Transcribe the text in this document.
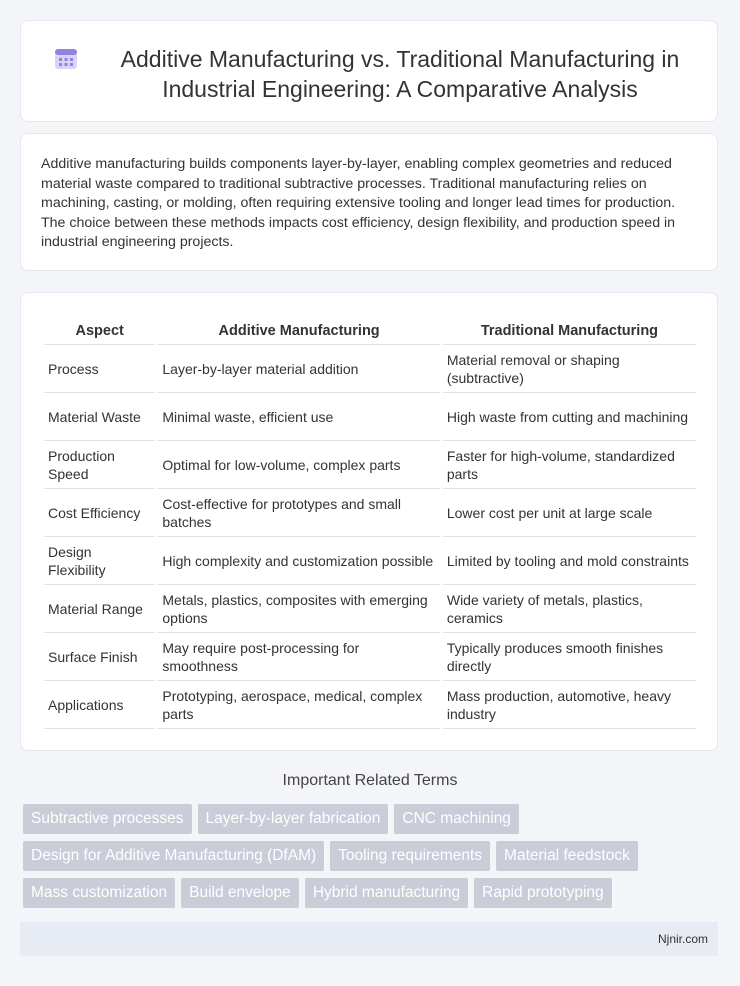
Additive Manufacturing vs. Traditional Manufacturing in Industrial Engineering: A Comparative Analysis

Additive manufacturing builds components layer-by-layer, enabling complex geometries and reduced material waste compared to traditional subtractive processes. Traditional manufacturing relies on machining, casting, or molding, often requiring extensive tooling and longer lead times for production. The choice between these methods impacts cost efficiency, design flexibility, and production speed in industrial engineering projects.

Aspect	Additive Manufacturing	Traditional Manufacturing
Process	Layer-by-layer material addition	Material removal or shaping (subtractive)
Material Waste	Minimal waste, efficient use	High waste from cutting and machining
Production Speed	Optimal for low-volume, complex parts	Faster for high-volume, standardized parts
Cost Efficiency	Cost-effective for prototypes and small batches	Lower cost per unit at large scale
Design Flexibility	High complexity and customization possible	Limited by tooling and mold constraints
Material Range	Metals, plastics, composites with emerging options	Wide variety of metals, plastics, ceramics
Surface Finish	May require post-processing for smoothness	Typically produces smooth finishes directly
Applications	Prototyping, aerospace, medical, complex parts	Mass production, automotive, heavy industry
Important Related Terms
Subtractive processes	Layer-by-layer fabrication	CNC machining
Design for Additive Manufacturing (DfAM)	Tooling requirements	Material feedstock
Mass customization	Build envelope	Hybrid manufacturing	Rapid prototyping
Njnir.com
